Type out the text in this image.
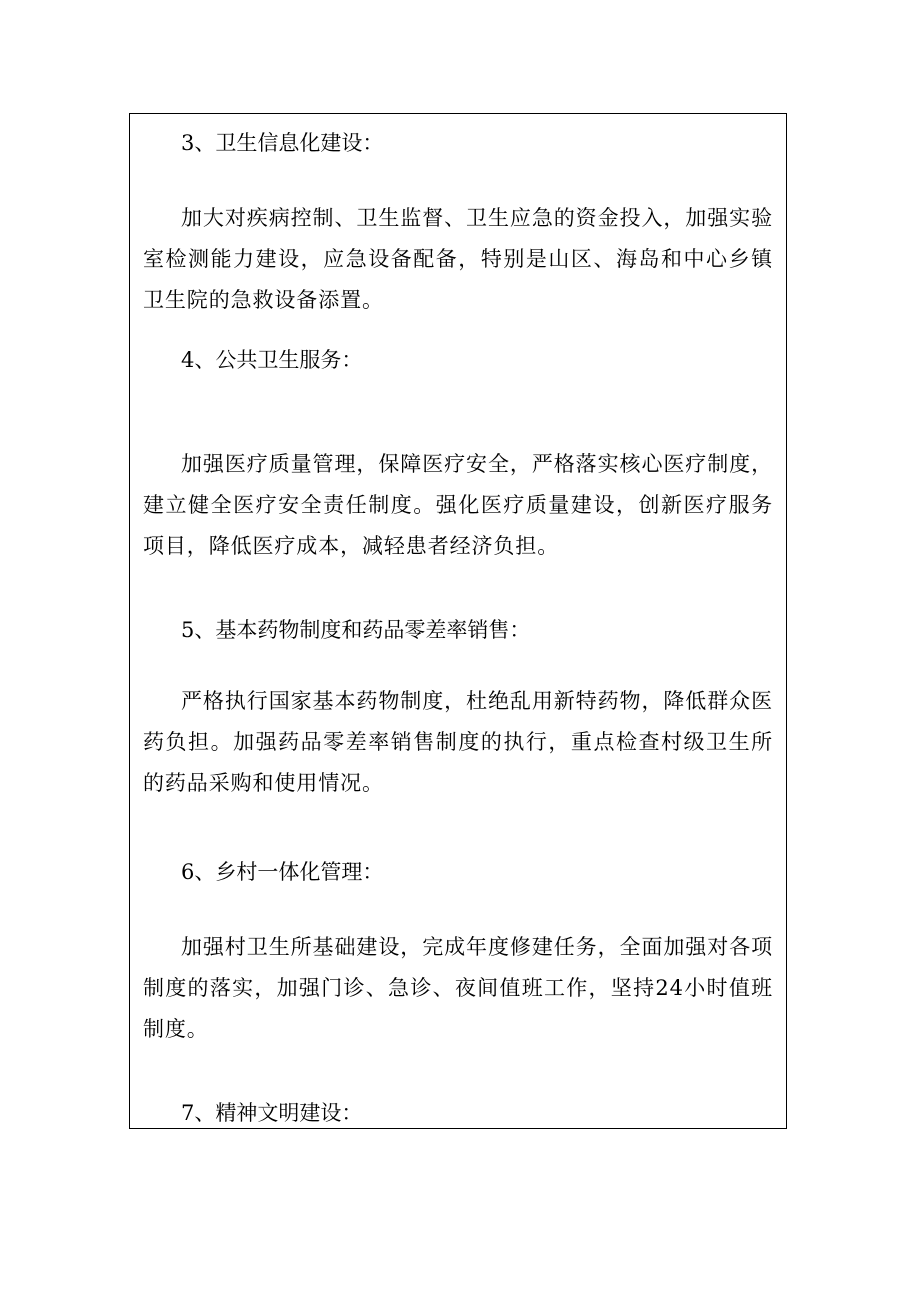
3、卫生信息化建设：

加大对疾病控制、卫生监督、卫生应急的资金投入，加强实验室检测能力建设，应急设备配备，特别是山区、海岛和中心乡镇卫生院的急救设备添置。

4、公共卫生服务：

加强医疗质量管理，保障医疗安全，严格落实核心医疗制度，建立健全医疗安全责任制度。强化医疗质量建设，创新医疗服务项目，降低医疗成本，减轻患者经济负担。

5、基本药物制度和药品零差率销售：

严格执行国家基本药物制度，杜绝乱用新特药物，降低群众医药负担。加强药品零差率销售制度的执行，重点检查村级卫生所的药品采购和使用情况。

6、乡村一体化管理：

加强村卫生所基础建设，完成年度修建任务，全面加强对各项制度的落实，加强门诊、急诊、夜间值班工作，坚持24小时值班制度。

7、精神文明建设：
